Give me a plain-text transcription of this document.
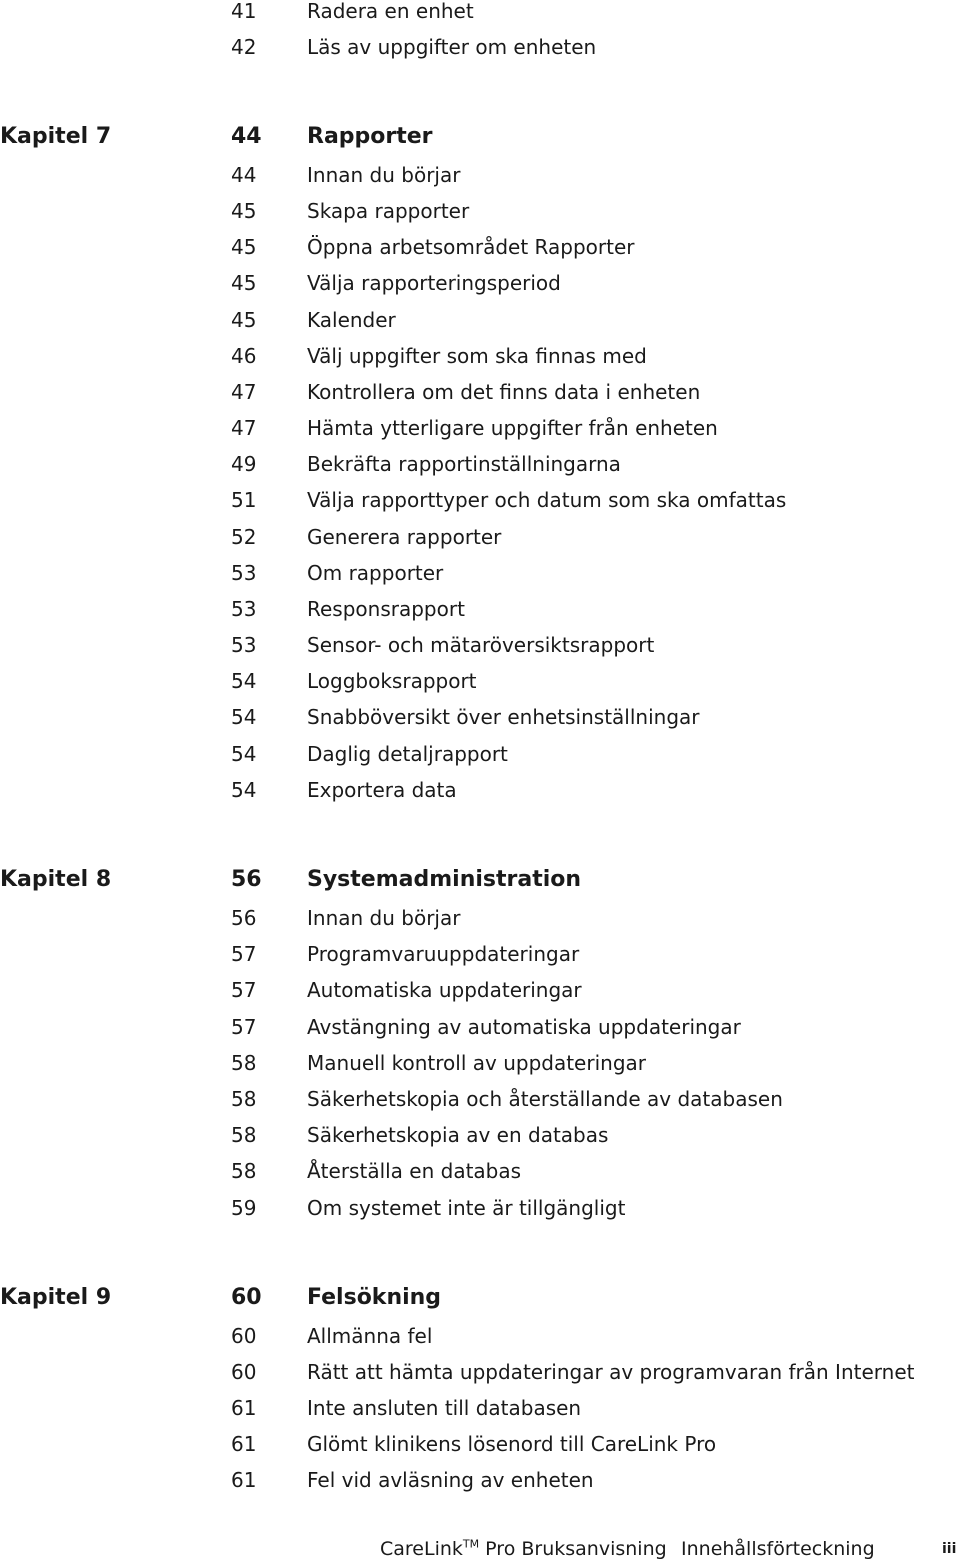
41	Radera en enhet
42	Läs av uppgifter om enheten
Kapitel 7	44 Rapporter
44	Innan du börjar
45	Skapa rapporter
45	Öppna arbetsområdet Rapporter
45	Välja rapporteringsperiod
45	Kalender
46	Välj uppgifter som ska finnas med
47	Kontrollera om det finns data i enheten
47	Hämta ytterligare uppgifter från enheten
49	Bekräfta rapportinställningarna
51	Välja rapporttyper och datum som ska omfattas
52	Generera rapporter
53	Om rapporter
53	Responsrapport
53	Sensor- och mätaröversiktsrapport
54	Loggboksrapport
54	Snabböversikt över enhetsinställningar
54	Daglig detaljrapport
54	Exportera data
Kapitel 8	56 Systemadministration
56	Innan du börjar
57	Programvaruuppdateringar
57	Automatiska uppdateringar
57	Avstängning av automatiska uppdateringar
58	Manuell kontroll av uppdateringar
58	Säkerhetskopia och återställande av databasen
58	Säkerhetskopia av en databas
58	Återställa en databas
59	Om systemet inte är tillgängligt
Kapitel 9	60 Felsökning
60	Allmänna fel
60	Rätt att hämta uppdateringar av programvaran från Internet
61	Inte ansluten till databasen
61	Glömt klinikens lösenord till CareLink Pro
61	Fel vid avläsning av enheten
CareLink™ Pro Bruksanvisning Innehållsförteckning	iii
